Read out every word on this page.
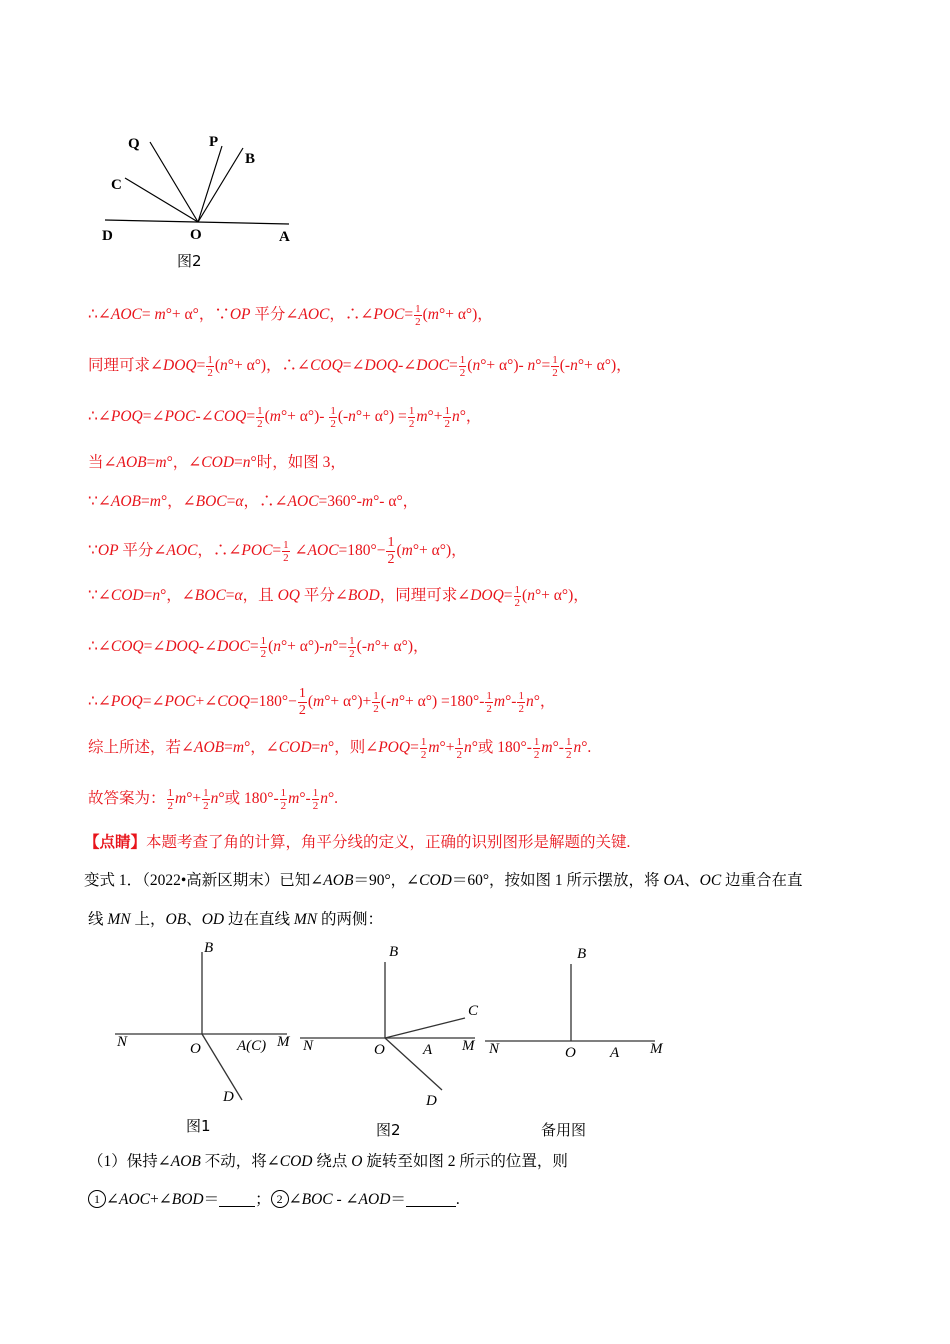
Q	P
B
C
D	O	A
图2
∴∠AOC= m°+ α°，∵OP 平分∠AOC，∴∠POC= $\frac{1}{2} (m^\circ+ \alpha^\circ)$，
同理可求∠DOQ= $\frac{1}{2} (n^\circ+ \alpha^\circ)$，∴∠COQ=∠DOQ-∠DOC= $\frac{1}{2} (n^\circ+ \alpha^\circ)-$ $n^\circ= \frac{1}{2} (-n^\circ+ \alpha^\circ)$，
∴∠POQ=∠POC-∠COQ= $\frac{1}{2} (m^\circ+ \alpha^\circ)- \frac{1}{2} (-n^\circ+ \alpha^\circ) = \frac{1}{2} m^\circ+ \frac{1}{2} n^\circ$，
当∠AOB=m°，∠COD=n°时，如图 3，
∵∠AOB=m°，∠BOC=α，∴∠AOC=360°-m°- α°，
∵OP 平分∠AOC，∴∠POC= $\frac{1}{2}$ ∠AOC=180°− $\frac{1}{2} (m^\circ+ \alpha^\circ)$，
∵∠COD=n°，∠BOC=α，且 OQ 平分∠BOD，同理可求∠DOQ= $\frac{1}{2} (n^\circ+ \alpha^\circ)$，
∴∠COQ=∠DOQ-∠DOC= $\frac{1}{2} (n^\circ+ \alpha^\circ)-n^\circ= \frac{1}{2} (-n^\circ+ \alpha^\circ)$，
∴∠POQ=∠POC+∠COQ=180°− $\frac{1}{2} (m^\circ+ \alpha^\circ)+ \frac{1}{2} (-n^\circ+ \alpha^\circ) =180^\circ- \frac{1}{2} m^\circ- \frac{1}{2} n^\circ$，
综上所述，若∠AOB=m°，∠COD=n°，则∠POQ= $\frac{1}{2} m^\circ+ \frac{1}{2} n^\circ$或 $180^\circ- \frac{1}{2} m^\circ- \frac{1}{2} n^\circ$.
故答案为： $\frac{1}{2} m^\circ+ \frac{1}{2} n^\circ$或 $180^\circ- \frac{1}{2} m^\circ- \frac{1}{2} n^\circ$.
【点睛】本题考查了角的计算，角平分线的定义，正确的识别图形是解题的关键.
变式 1．（2022•高新区期末）已知∠AOB＝90°，∠COD＝60°，按如图 1 所示摆放，将 OA、OC 边重合在直
线 MN 上，OB、OD 边在直线 MN 的两侧：
B
N	O A(C) M
D
图1
B
C
N	O	A M
D
图2
B
N	O A M
备用图
（1）保持∠AOB 不动，将∠COD 绕点 O 旋转至如图 2 所示的位置，则
1 ∠AOC+∠BOD＝ ； 2 ∠BOC - ∠AOD＝	.
